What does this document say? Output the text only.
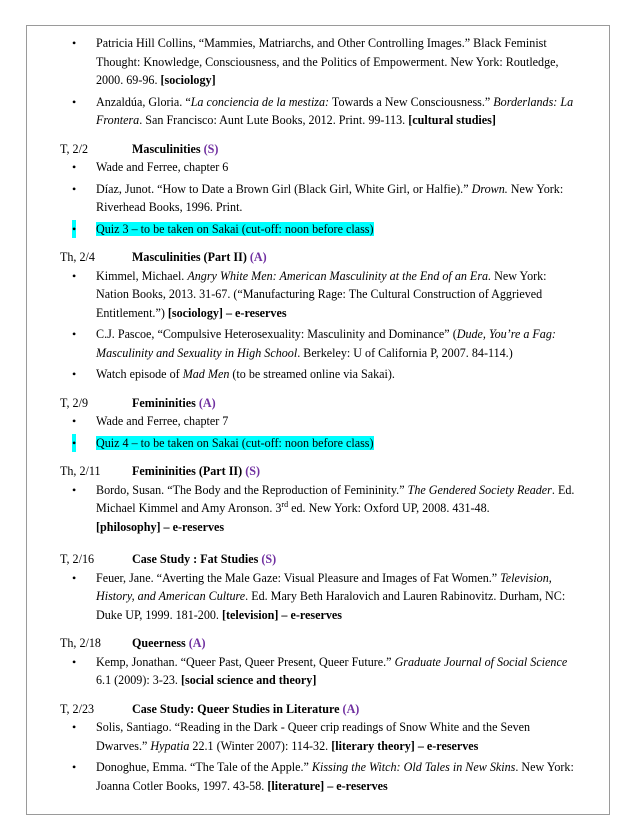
• Patricia Hill Collins, “Mammies, Matriarchs, and Other Controlling Images.” Black Feminist Thought: Knowledge, Consciousness, and the Politics of Empowerment. New York: Routledge, 2000. 69-96. [sociology]
• Anzaldúa, Gloria. “La conciencia de la mestiza: Towards a New Consciousness.” Borderlands: La Frontera. San Francisco: Aunt Lute Books, 2012. Print. 99-113. [cultural studies]
T, 2/2	Masculinities (S)
• Wade and Ferree, chapter 6
• Díaz, Junot. “How to Date a Brown Girl (Black Girl, White Girl, or Halfie).” Drown. New York: Riverhead Books, 1996. Print.
• Quiz 3 – to be taken on Sakai (cut-off: noon before class)
Th, 2/4	Masculinities (Part II) (A)
• Kimmel, Michael. Angry White Men: American Masculinity at the End of an Era. New York: Nation Books, 2013. 31-67. (“Manufacturing Rage: The Cultural Construction of Aggrieved Entitlement.”) [sociology] – e-reserves
• C.J. Pascoe, “Compulsive Heterosexuality: Masculinity and Dominance” (Dude, You’re a Fag: Masculinity and Sexuality in High School. Berkeley: U of California P, 2007. 84-114.)
• Watch episode of Mad Men (to be streamed online via Sakai).
T, 2/9	Femininities (A)
• Wade and Ferree, chapter 7
• Quiz 4 – to be taken on Sakai (cut-off: noon before class)
Th, 2/11	Femininities (Part II) (S)
• Bordo, Susan. “The Body and the Reproduction of Femininity.” The Gendered Society Reader. Ed. Michael Kimmel and Amy Aronson. 3rd ed. New York: Oxford UP, 2008. 431-48.
[philosophy] – e-reserves
T, 2/16	Case Study : Fat Studies (S)
• Feuer, Jane. “Averting the Male Gaze: Visual Pleasure and Images of Fat Women.” Television, History, and American Culture. Ed. Mary Beth Haralovich and Lauren Rabinovitz. Durham, NC: Duke UP, 1999. 181-200. [television] – e-reserves
Th, 2/18	Queerness (A)
• Kemp, Jonathan. “Queer Past, Queer Present, Queer Future.” Graduate Journal of Social Science 6.1 (2009): 3-23. [social science and theory]
T, 2/23	Case Study: Queer Studies in Literature (A)
• Solis, Santiago. “Reading in the Dark - Queer crip readings of Snow White and the Seven Dwarves.” Hypatia 22.1 (Winter 2007): 114-32. [literary theory] – e-reserves
• Donoghue, Emma. “The Tale of the Apple.” Kissing the Witch: Old Tales in New Skins. New York: Joanna Cotler Books, 1997. 43-58. [literature] – e-reserves
